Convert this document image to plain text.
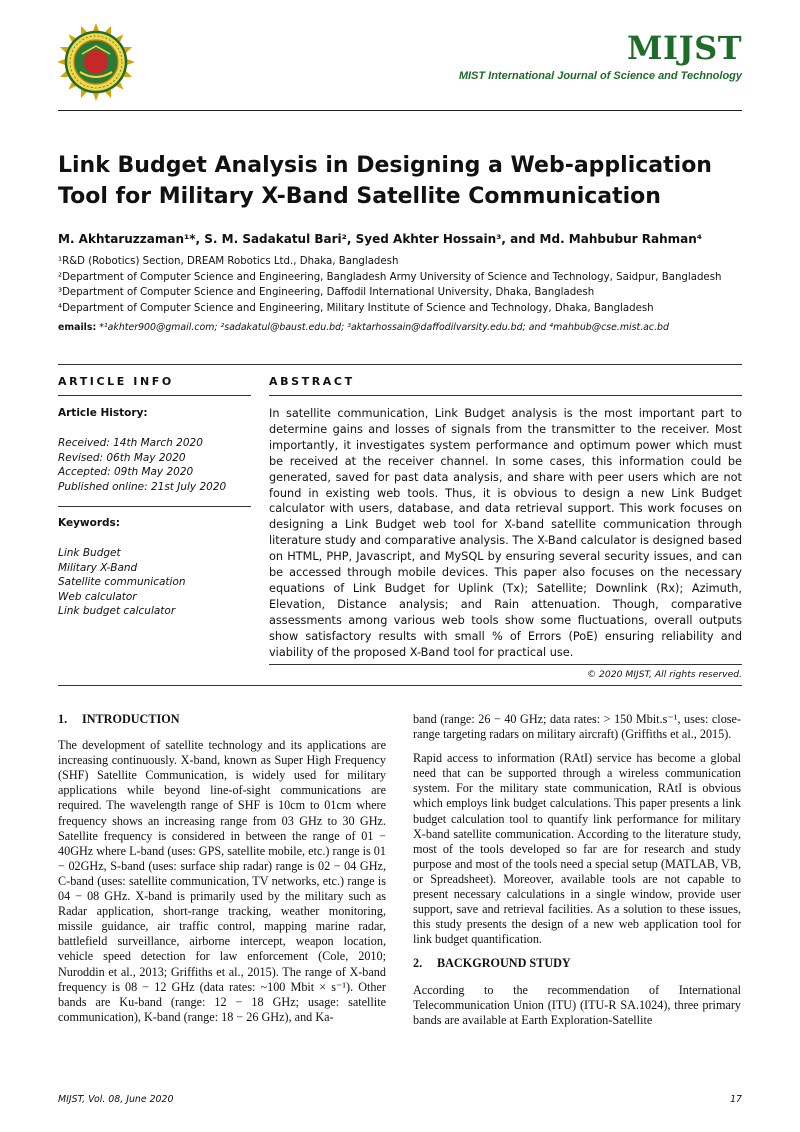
MIJST
MIST International Journal of Science and Technology
Link Budget Analysis in Designing a Web-application Tool for Military X-Band Satellite Communication
M. Akhtaruzzaman¹*, S. M. Sadakatul Bari², Syed Akhter Hossain³, and Md. Mahbubur Rahman⁴
¹R&D (Robotics) Section, DREAM Robotics Ltd., Dhaka, Bangladesh
²Department of Computer Science and Engineering, Bangladesh Army University of Science and Technology, Saidpur, Bangladesh
³Department of Computer Science and Engineering, Daffodil International University, Dhaka, Bangladesh
⁴Department of Computer Science and Engineering, Military Institute of Science and Technology, Dhaka, Bangladesh
emails: *¹akhter900@gmail.com; ²sadakatul@baust.edu.bd; ³aktarhossain@daffodilvarsity.edu.bd; and ⁴mahbub@cse.mist.ac.bd
ARTICLE INFO	ABSTRACT
Article History:
Received: 14th March 2020
Revised: 06th May 2020
Accepted: 09th May 2020
Published online: 21st July 2020
Keywords:
Link Budget
Military X-Band
Satellite communication
Web calculator
Link budget calculator
In satellite communication, Link Budget analysis is the most important part to determine gains and losses of signals from the transmitter to the receiver. Most importantly, it investigates system performance and optimum power which must be received at the receiver channel. In some cases, this information could be generated, saved for past data analysis, and share with peer users which are not found in existing web tools. Thus, it is obvious to design a new Link Budget calculator with users, database, and data retrieval support. This work focuses on designing a Link Budget web tool for X-band satellite communication through literature study and comparative analysis. The X-Band calculator is designed based on HTML, PHP, Javascript, and MySQL by ensuring several security issues, and can be accessed through mobile devices. This paper also focuses on the necessary equations of Link Budget for Uplink (Tx); Satellite; Downlink (Rx); Azimuth, Elevation, Distance analysis; and Rain attenuation. Though, comparative assessments among various web tools show some fluctuations, overall outputs show satisfactory results with small % of Errors (PoE) ensuring reliability and viability of the proposed X-Band tool for practical use.
© 2020 MIJST, All rights reserved.
1. INTRODUCTION

The development of satellite technology and its applications are increasing continuously. X-band, known as Super High Frequency (SHF) Satellite Communication, is widely used for military applications while beyond line-of-sight communications are required. The wavelength range of SHF is 10cm to 01cm where frequency shows an increasing range from 03 GHz to 30 GHz. Satellite frequency is considered in between the range of 01 − 40GHz where L-band (uses: GPS, satellite mobile, etc.) range is 01 − 02GHz, S-band (uses: surface ship radar) range is 02 − 04 GHz, C-band (uses: satellite communication, TV networks, etc.) range is 04 − 08 GHz. X-band is primarily used by the military such as Radar application, short-range tracking, weather monitoring, missile guidance, air traffic control, mapping marine radar, battlefield surveillance, airborne intercept, weapon location, vehicle speed detection for law enforcement (Cole, 2010; Nuroddin et al., 2013; Griffiths et al., 2015). The range of X-band frequency is 08 − 12 GHz (data rates: ~100 Mbit × s⁻¹). Other bands are Ku-band (range: 12 − 18 GHz; usage: satellite communication), K-band (range: 18 − 26 GHz), and Ka-

band (range: 26 − 40 GHz; data rates: > 150 Mbit.s⁻¹, uses: close-range targeting radars on military aircraft) (Griffiths et al., 2015).

Rapid access to information (RAtI) service has become a global need that can be supported through a wireless communication system. For the military state communication, RAtI is obvious which employs link budget calculations. This paper presents a link budget calculation tool to quantify link performance for military X-band satellite communication. According to the literature study, most of the tools developed so far are for research and study purpose and most of the tools need a special setup (MATLAB, VB, or Spreadsheet). Moreover, available tools are not capable to present necessary calculations in a single window, provide user support, save and retrieval facilities. As a solution to these issues, this study presents the design of a new web application tool for link budget quantification.

2. BACKGROUND STUDY

According to the recommendation of International Telecommunication Union (ITU) (ITU-R SA.1024), three primary bands are available at Earth Exploration-Satellite

MIJST, Vol. 08, June 2020	17
